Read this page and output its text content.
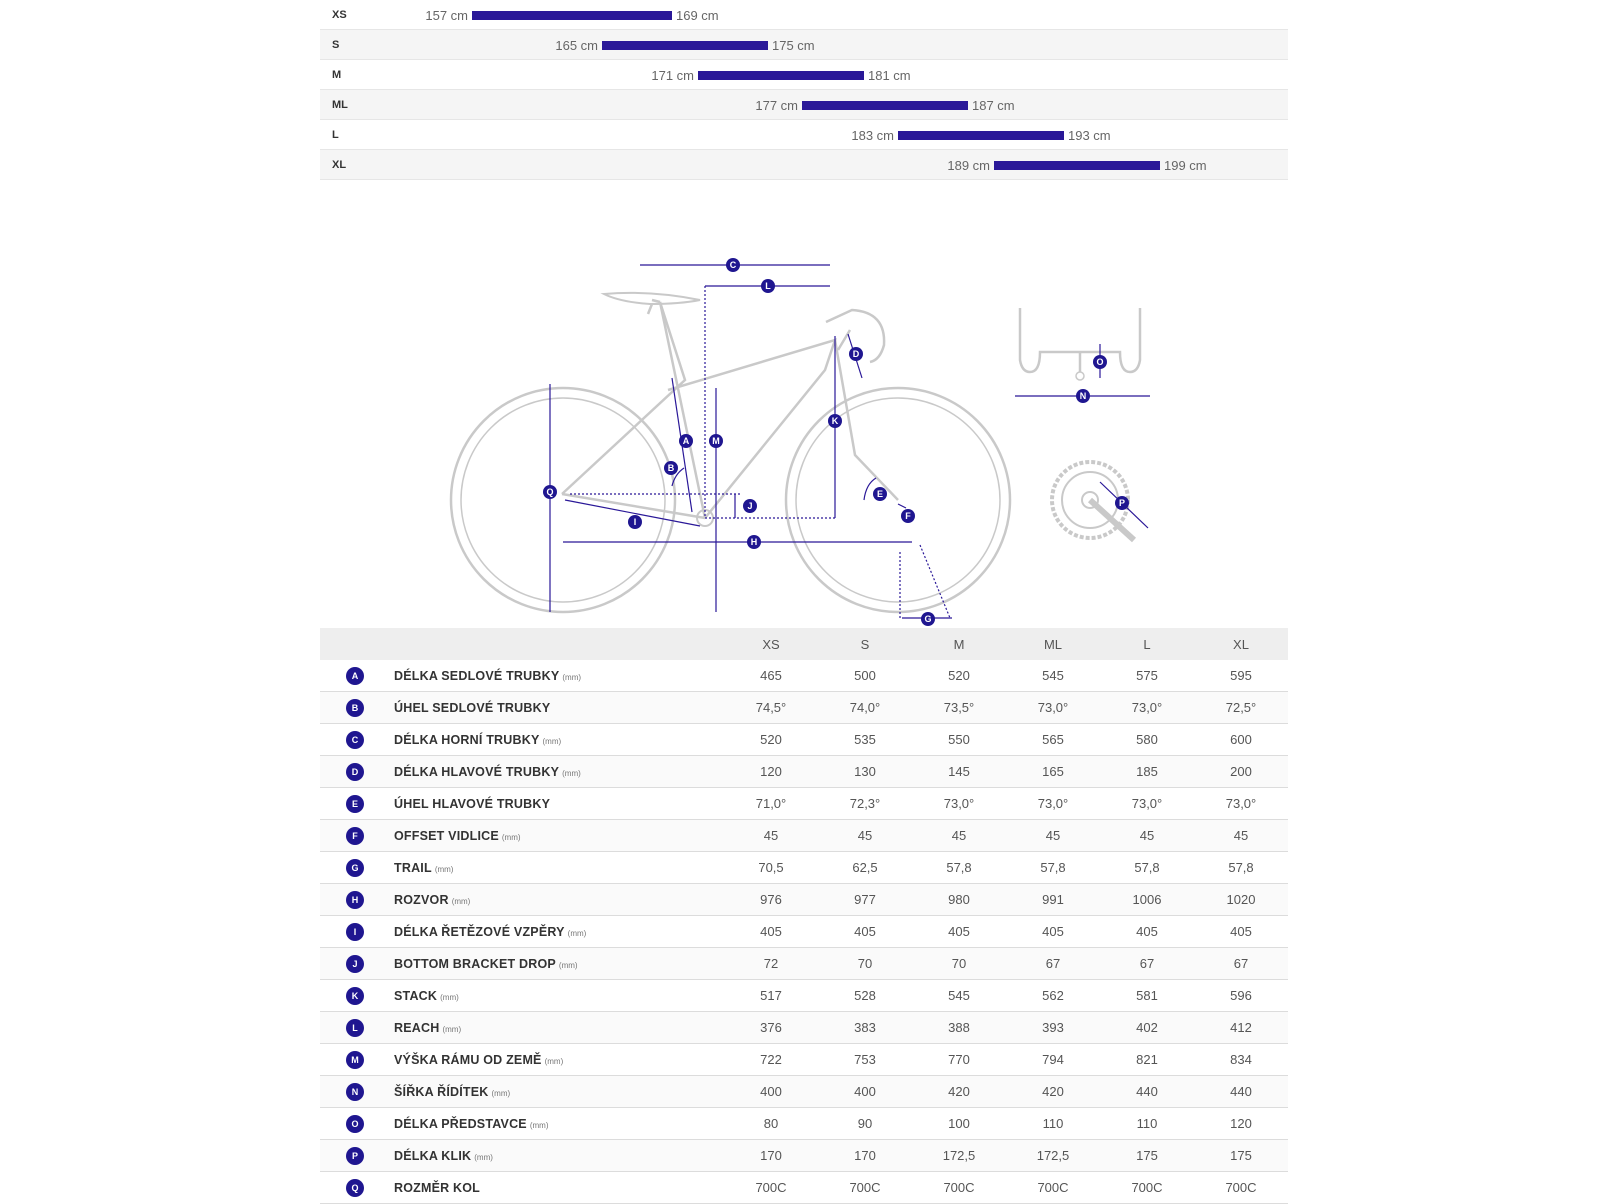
XS	157 cm	169 cm
S	165 cm	175 cm
M	171 cm	181 cm
ML	177 cm	187 cm
L	183 cm	193 cm
XL	189 cm	199 cm
A
B
C
D
E
F
G
H
I
J
K
L
M
N
O
P
Q
		XS	S	M	ML	L	XL
A	DÉLKA SEDLOVÉ TRUBKY (mm)	465	500	520	545	575	595
B	ÚHEL SEDLOVÉ TRUBKY	74,5°	74,0°	73,5°	73,0°	73,0°	72,5°
C	DÉLKA HORNÍ TRUBKY (mm)	520	535	550	565	580	600
D	DÉLKA HLAVOVÉ TRUBKY (mm)	120	130	145	165	185	200
E	ÚHEL HLAVOVÉ TRUBKY	71,0°	72,3°	73,0°	73,0°	73,0°	73,0°
F	OFFSET VIDLICE (mm)	45	45	45	45	45	45
G	TRAIL (mm)	70,5	62,5	57,8	57,8	57,8	57,8
H	ROZVOR (mm)	976	977	980	991	1006	1020
I	DÉLKA ŘETĚZOVÉ VZPĚRY (mm)	405	405	405	405	405	405
J	BOTTOM BRACKET DROP (mm)	72	70	70	67	67	67
K	STACK (mm)	517	528	545	562	581	596
L	REACH (mm)	376	383	388	393	402	412
M	VÝŠKA RÁMU OD ZEMĚ (mm)	722	753	770	794	821	834
N	ŠÍŘKA ŘÍDÍTEK (mm)	400	400	420	420	440	440
O	DÉLKA PŘEDSTAVCE (mm)	80	90	100	110	110	120
P	DÉLKA KLIK (mm)	170	170	172,5	172,5	175	175
Q	ROZMĚR KOL	700C	700C	700C	700C	700C	700C
